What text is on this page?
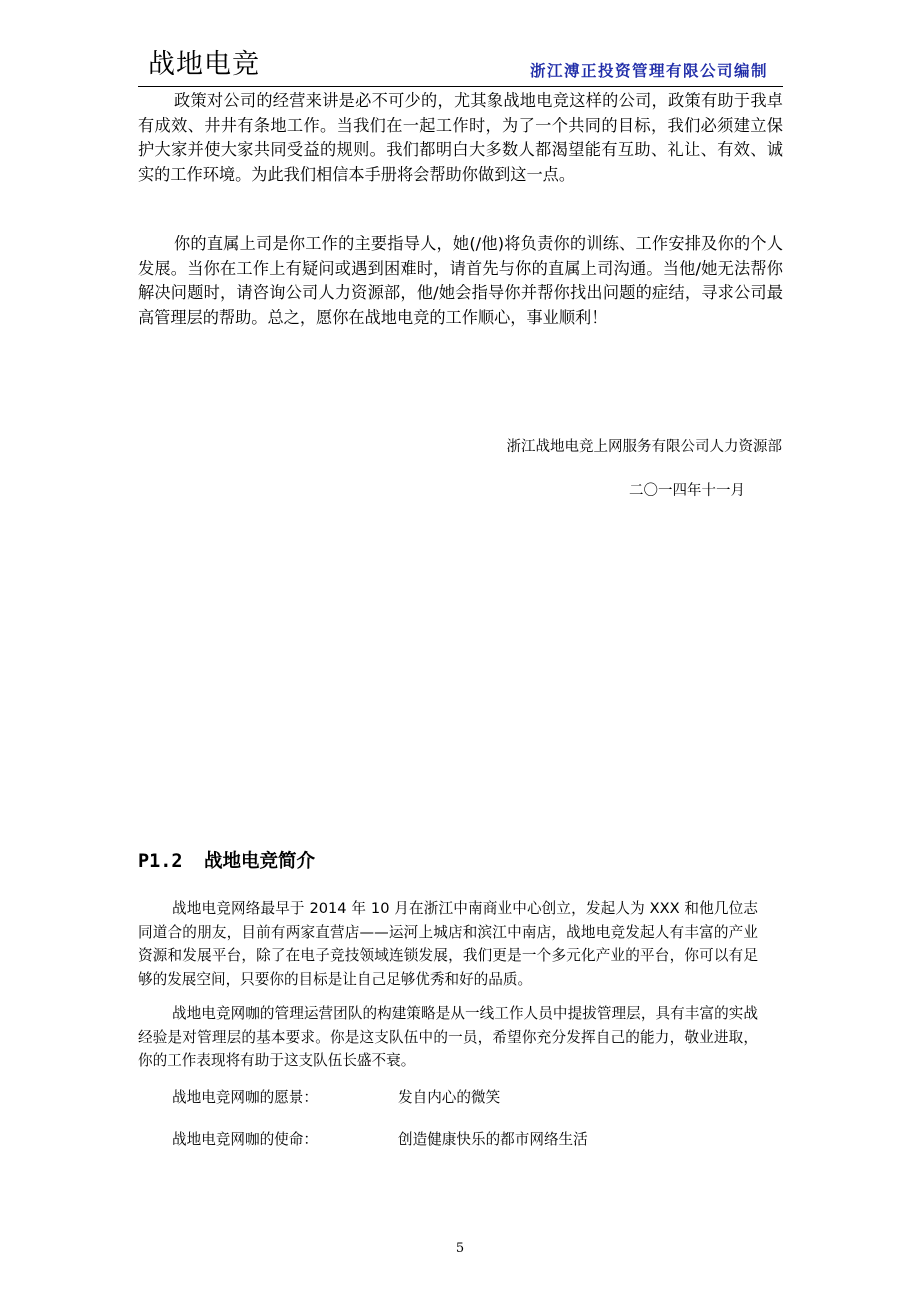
战地电竞	浙江溥正投资管理有限公司编制

政策对公司的经营来讲是必不可少的，尤其象战地电竞这样的公司，政策有助于我卓有成效、井井有条地工作。当我们在一起工作时，为了一个共同的目标，我们必须建立保护大家并使大家共同受益的规则。我们都明白大多数人都渴望能有互助、礼让、有效、诚实的工作环境。为此我们相信本手册将会帮助你做到这一点。

你的直属上司是你工作的主要指导人，她(/他)将负责你的训练、工作安排及你的个人发展。当你在工作上有疑问或遇到困难时，请首先与你的直属上司沟通。当他/她无法帮你解决问题时，请咨询公司人力资源部，他/她会指导你并帮你找出问题的症结，寻求公司最高管理层的帮助。总之，愿你在战地电竞的工作顺心，事业顺利！

浙江战地电竞上网服务有限公司人力资源部
二〇一四年十一月
P1.2 战地电竞简介

战地电竞网络最早于 2014 年 10 月在浙江中南商业中心创立，发起人为 XXX 和他几位志同道合的朋友，目前有两家直营店——运河上城店和滨江中南店，战地电竞发起人有丰富的产业资源和发展平台，除了在电子竞技领域连锁发展，我们更是一个多元化产业的平台，你可以有足够的发展空间，只要你的目标是让自己足够优秀和好的品质。

战地电竞网咖的管理运营团队的构建策略是从一线工作人员中提拔管理层，具有丰富的实战经验是对管理层的基本要求。你是这支队伍中的一员，希望你充分发挥自己的能力，敬业进取，你的工作表现将有助于这支队伍长盛不衰。

战地电竞网咖的愿景：	发自内心的微笑
战地电竞网咖的使命：	创造健康快乐的都市网络生活
5
